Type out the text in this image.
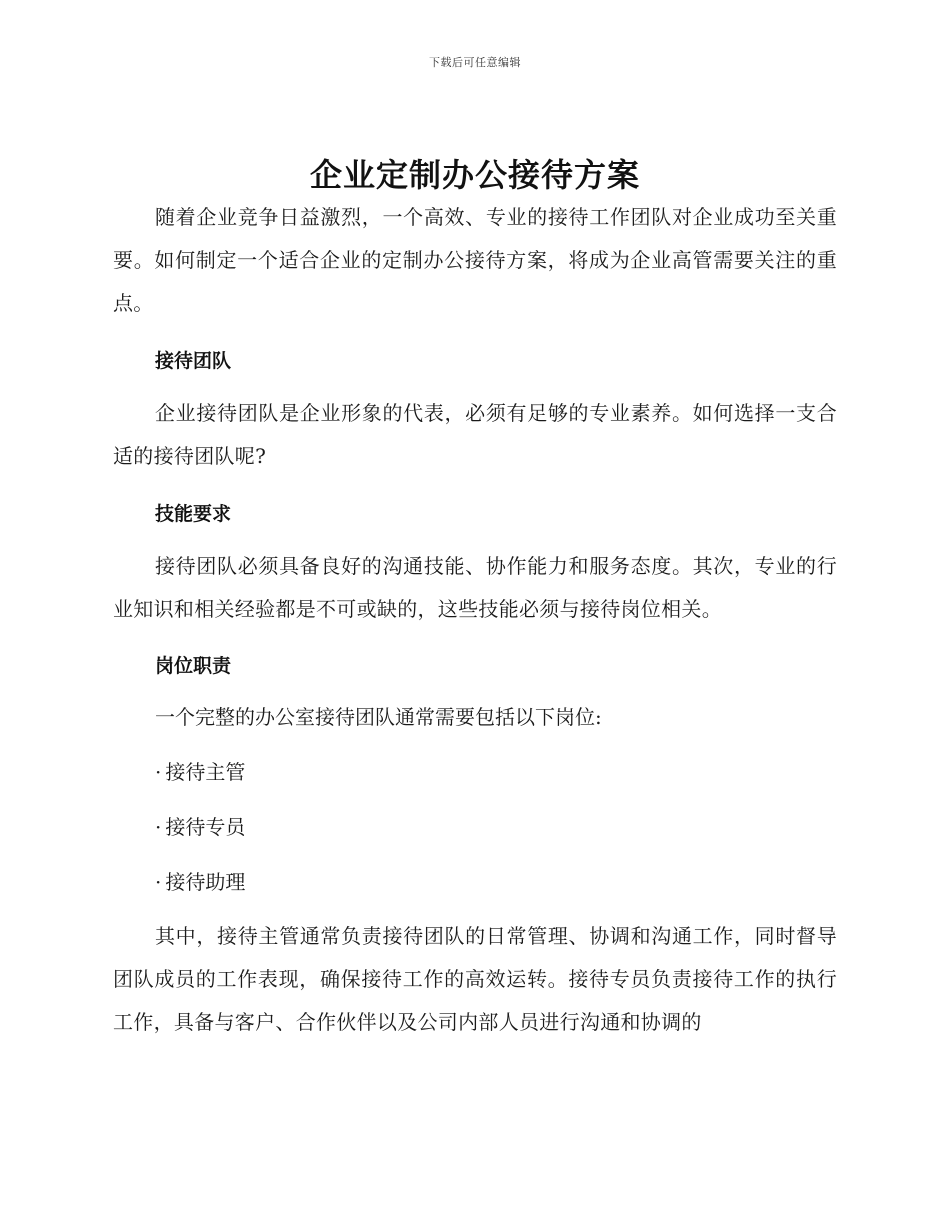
下载后可任意编辑
企业定制办公接待方案

随着企业竞争日益激烈，一个高效、专业的接待工作团队对企业成功至关重要。如何制定一个适合企业的定制办公接待方案，将成为企业高管需要关注的重点。

接待团队

企业接待团队是企业形象的代表，必须有足够的专业素养。如何选择一支合适的接待团队呢?

技能要求

接待团队必须具备良好的沟通技能、协作能力和服务态度。其次，专业的行业知识和相关经验都是不可或缺的，这些技能必须与接待岗位相关。

岗位职责
一个完整的办公室接待团队通常需要包括以下岗位:
· 接待主管
· 接待专员
· 接待助理

其中，接待主管通常负责接待团队的日常管理、协调和沟通工作，同时督导团队成员的工作表现，确保接待工作的高效运转。接待专员负责接待工作的执行工作，具备与客户、合作伙伴以及公司内部人员进行沟通和协调的
